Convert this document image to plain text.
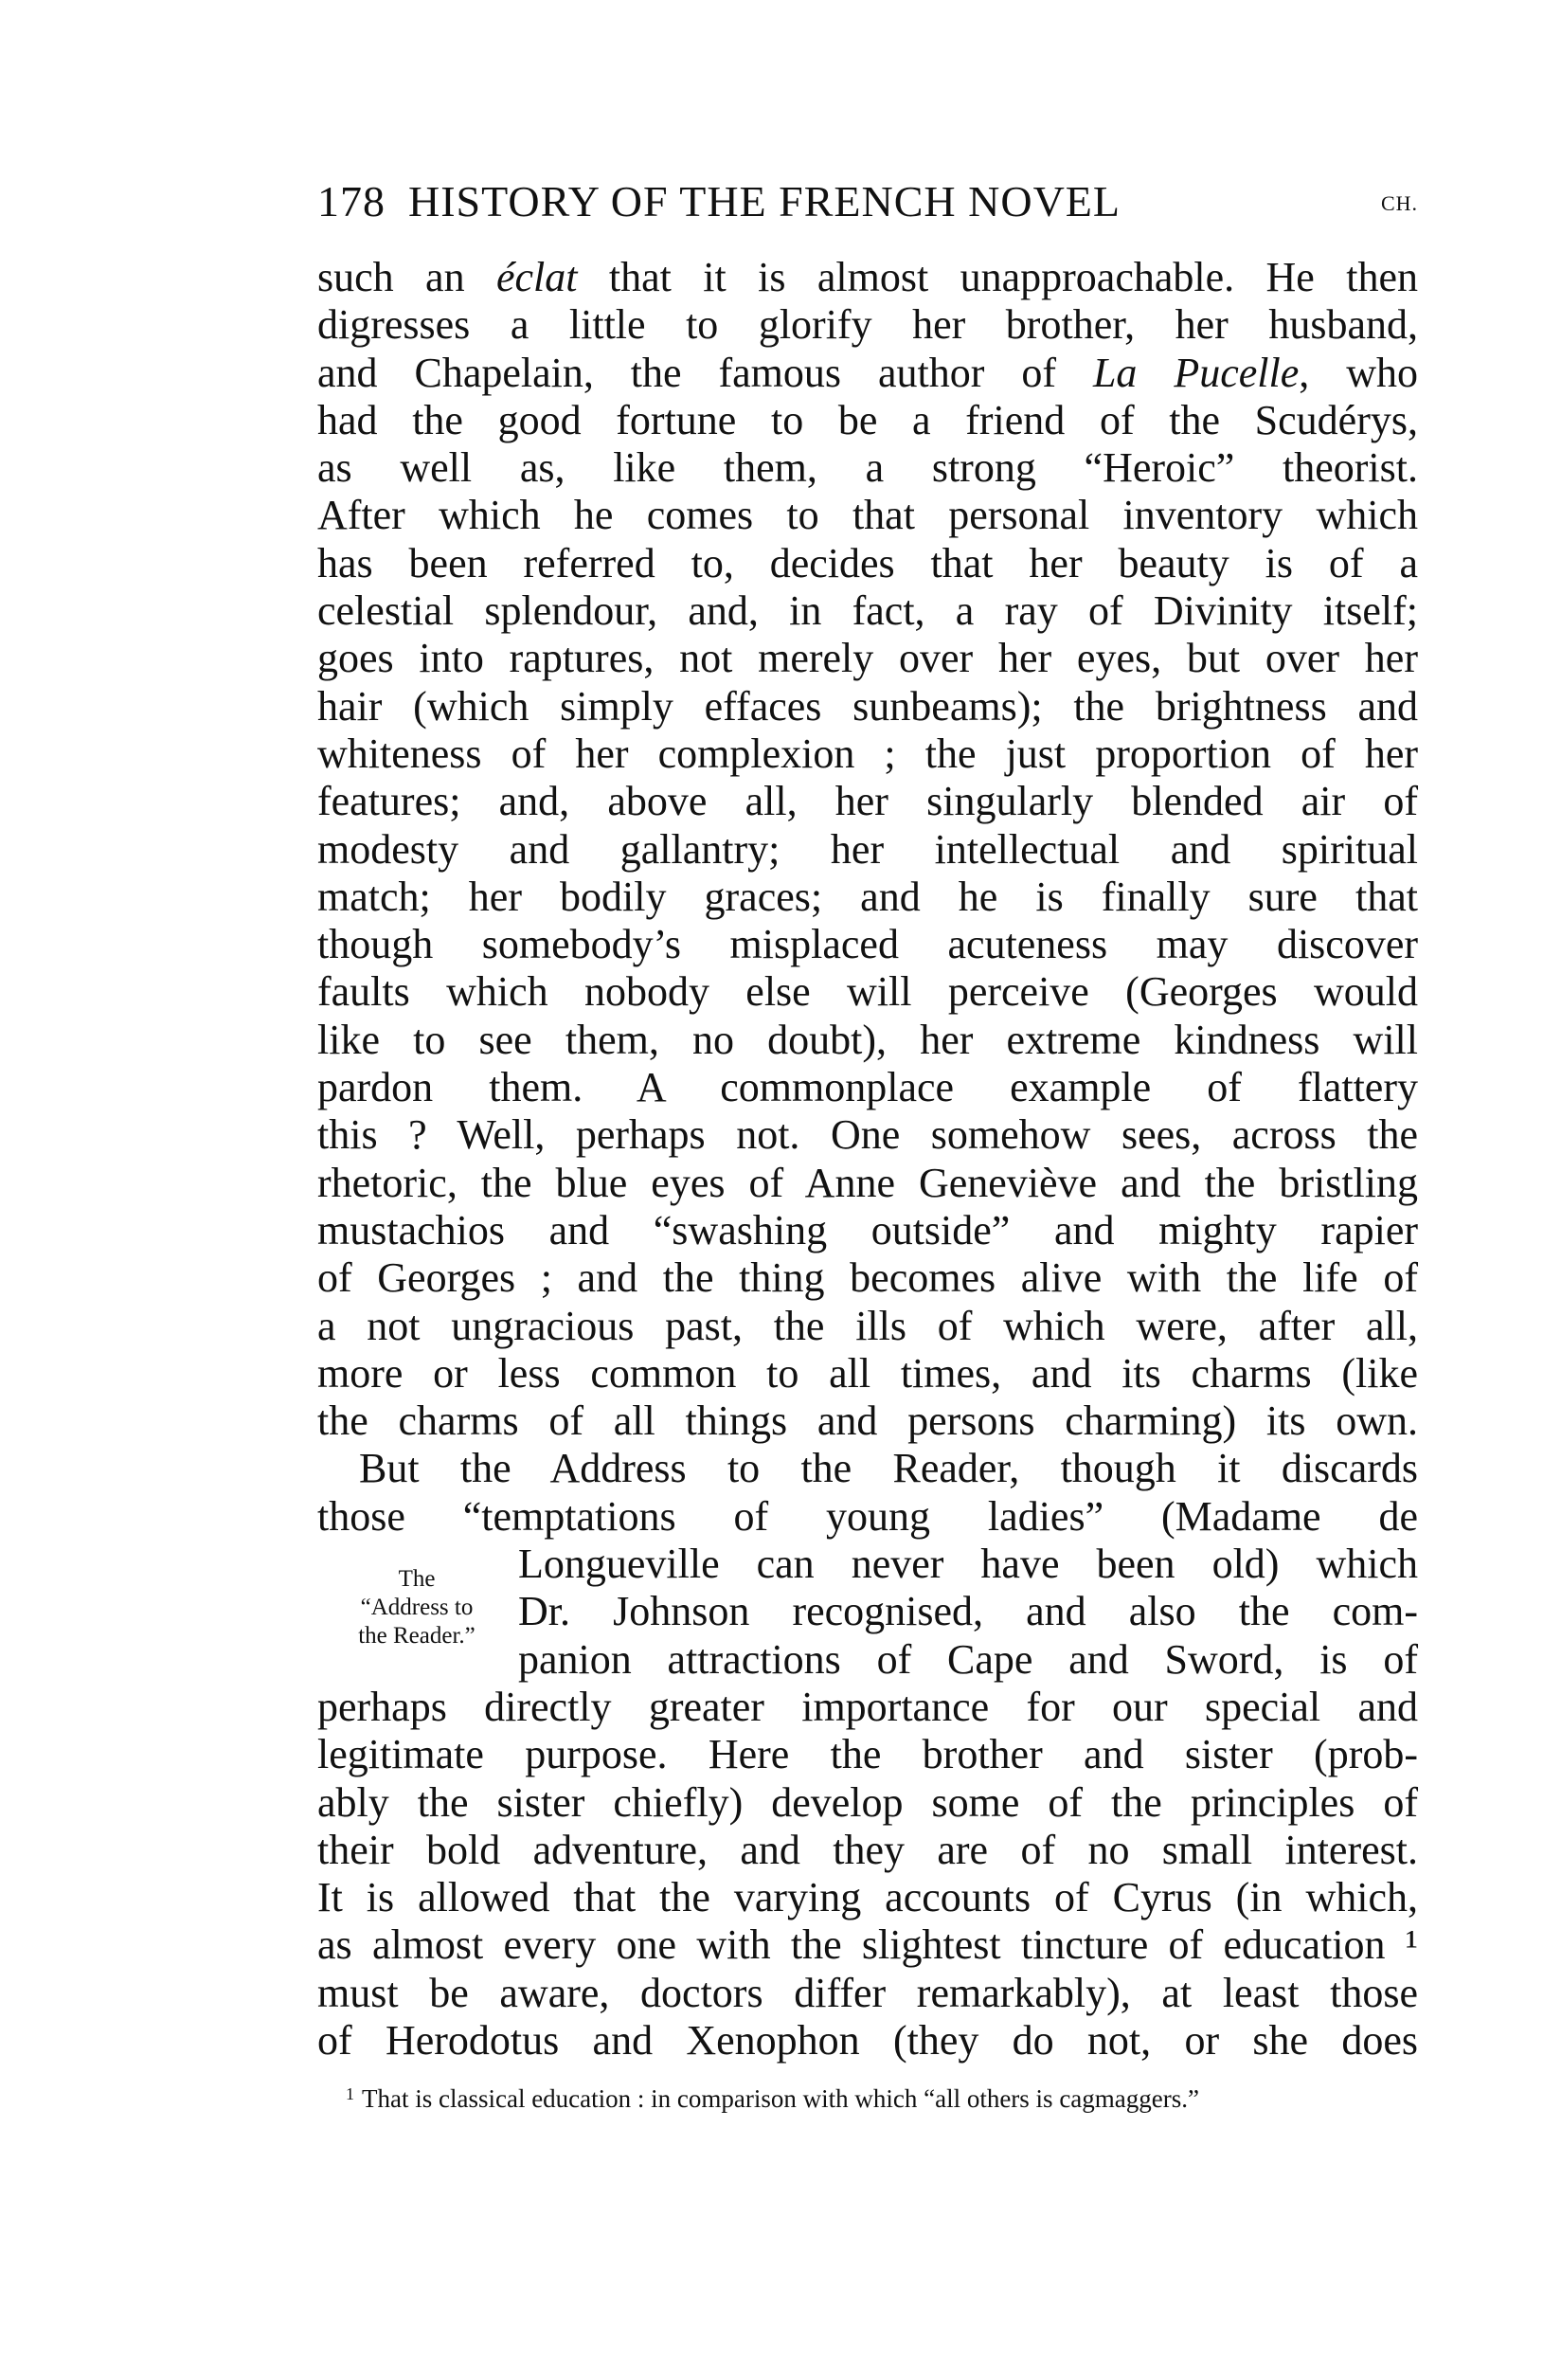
178 HISTORY OF THE FRENCH NOVEL	CH.
such an éclat that it is almost unapproachable. He then
digresses a little to glorify her brother, her husband,
and Chapelain, the famous author of La Pucelle, who
had the good fortune to be a friend of the Scudérys,
as well as, like them, a strong “Heroic” theorist.
After which he comes to that personal inventory which
has been referred to, decides that her beauty is of a
celestial splendour, and, in fact, a ray of Divinity itself;
goes into raptures, not merely over her eyes, but over her
hair (which simply effaces sunbeams); the brightness and
whiteness of her complexion ; the just proportion of her
features; and, above all, her singularly blended air of
modesty and gallantry; her intellectual and spiritual
match; her bodily graces; and he is finally sure that
though somebody’s misplaced acuteness may discover
faults which nobody else will perceive (Georges would
like to see them, no doubt), her extreme kindness will
pardon them. A commonplace example of flattery
this ? Well, perhaps not. One somehow sees, across the
rhetoric, the blue eyes of Anne Geneviève and the bristling
mustachios and “swashing outside” and mighty rapier
of Georges ; and the thing becomes alive with the life of
a not ungracious past, the ills of which were, after all,
more or less common to all times, and its charms (like
the charms of all things and persons charming) its own.
But the Address to the Reader, though it discards
those “temptations of young ladies” (Madame de
Longueville can never have been old) which
Dr. Johnson recognised, and also the com-
panion attractions of Cape and Sword, is of
perhaps directly greater importance for our special and
legitimate purpose. Here the brother and sister (prob-
ably the sister chiefly) develop some of the principles of
their bold adventure, and they are of no small interest.
It is allowed that the varying accounts of Cyrus (in which,
as almost every one with the slightest tincture of education ¹
must be aware, doctors differ remarkably), at least those
of Herodotus and Xenophon (they do not, or she does
The
“Address to
the Reader.”
$^1$ That is classical education : in comparison with which “all others is cagmaggers.”
